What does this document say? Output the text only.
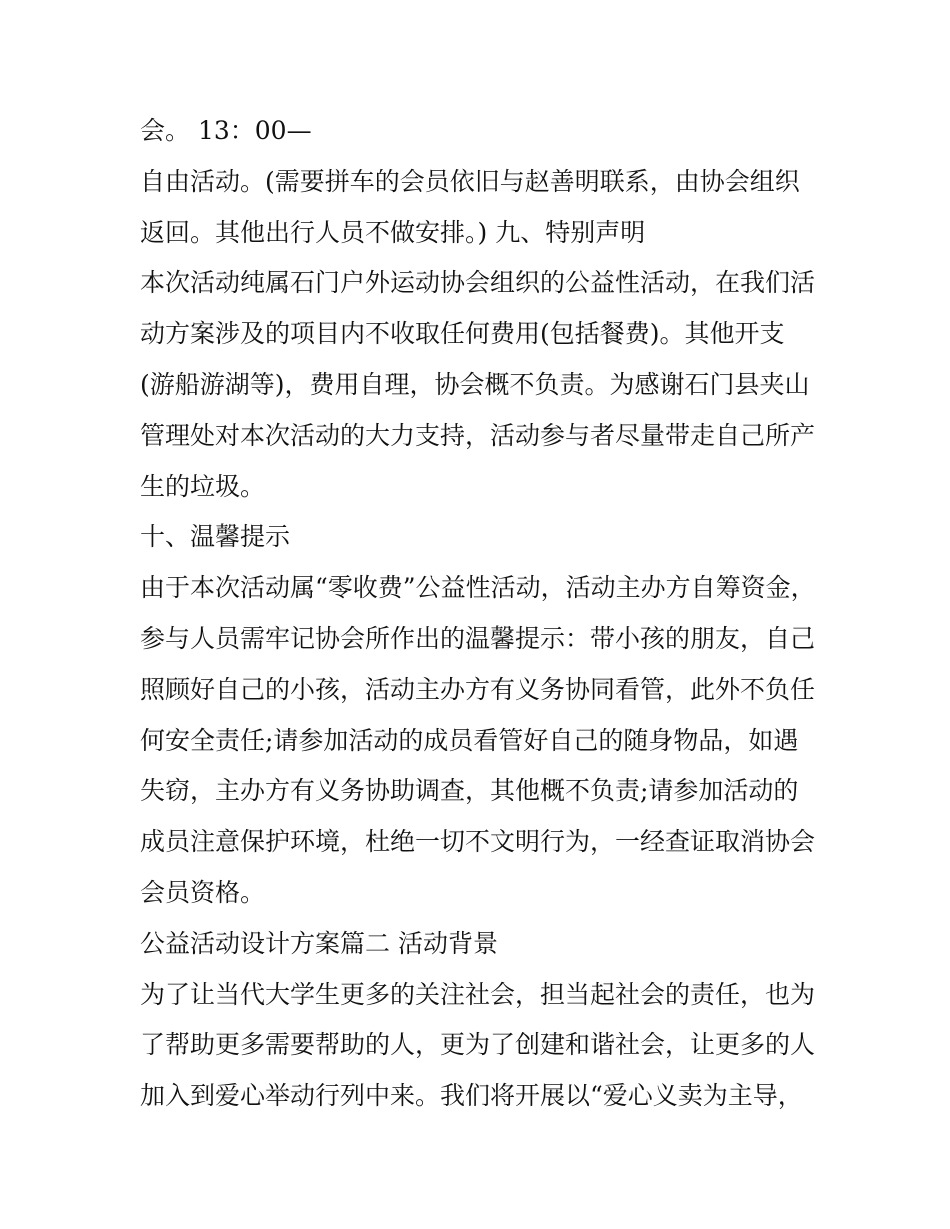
会。 13：00—
自由活动。(需要拼车的会员依旧与赵善明联系，由协会组织
返回。其他出行人员不做安排。) 九、特别声明
本次活动纯属石门户外运动协会组织的公益性活动，在我们活
动方案涉及的项目内不收取任何费用(包括餐费)。其他开支
(游船游湖等)，费用自理，协会概不负责。为感谢石门县夹山
管理处对本次活动的大力支持，活动参与者尽量带走自己所产
生的垃圾。
十、温馨提示
由于本次活动属“零收费”公益性活动，活动主办方自筹资金，
参与人员需牢记协会所作出的温馨提示：带小孩的朋友，自己
照顾好自己的小孩，活动主办方有义务协同看管，此外不负任
何安全责任;请参加活动的成员看管好自己的随身物品，如遇
失窃，主办方有义务协助调查，其他概不负责;请参加活动的
成员注意保护环境，杜绝一切不文明行为，一经查证取消协会
会员资格。
公益活动设计方案篇二 活动背景
为了让当代大学生更多的关注社会，担当起社会的责任，也为
了帮助更多需要帮助的人，更为了创建和谐社会，让更多的人
加入到爱心举动行列中来。我们将开展以“爱心义卖为主导，
